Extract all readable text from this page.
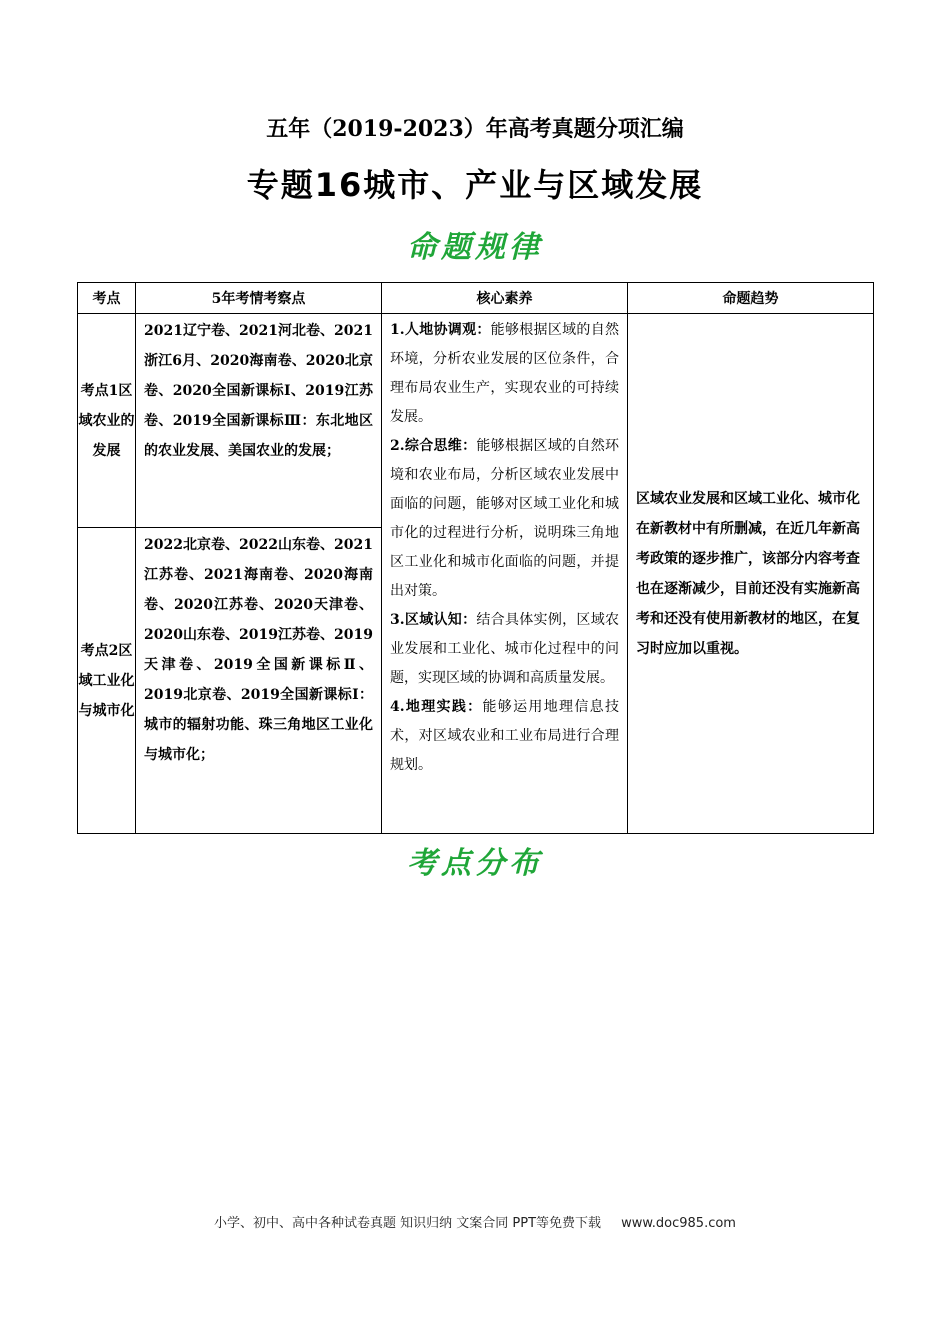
五年（2019-2023）年高考真题分项汇编
专题16城市、产业与区域发展
命题规律
考点	5年考情考察点	核心素养	命题趋势
考点1区域农业的发展	2021辽宁卷、2021河北卷、2021浙江6月、2020海南卷、2020北京卷、2020全国新课标Ⅰ、2019江苏卷、2019全国新课标Ⅲ：东北地区的农业发展、美国农业的发展；	1.人地协调观：能够根据区域的自然环境，分析农业发展的区位条件，合理布局农业生产，实现农业的可持续发展。

2.综合思维：能够根据区域的自然环境和农业布局，分析区域农业发展中面临的问题，能够对区域工业化和城市化的过程进行分析，说明珠三角地区工业化和城市化面临的问题，并提出对策。

3.区域认知：结合具体实例，区域农业发展和工业化、城市化过程中的问题，实现区域的协调和高质量发展。

4.地理实践：能够运用地理信息技术，对区域农业和工业布局进行合理规划。	区域农业发展和区域工业化、城市化在新教材中有所删减，在近几年新高考政策的逐步推广，该部分内容考查也在逐渐减少，目前还没有实施新高考和还没有使用新教材的地区，在复习时应加以重视。
考点2区域工业化与城市化	2022北京卷、2022山东卷、2021江苏卷、2021海南卷、2020海南卷、2020江苏卷、2020天津卷、2020山东卷、2019江苏卷、2019天津卷、2019全国新课标Ⅱ、2019北京卷、2019全国新课标Ⅰ：城市的辐射功能、珠三角地区工业化与城市化；		
考点分布
小学、初中、高中各种试卷真题 知识归纳 文案合同 PPT等免费下载 www.doc985.com
